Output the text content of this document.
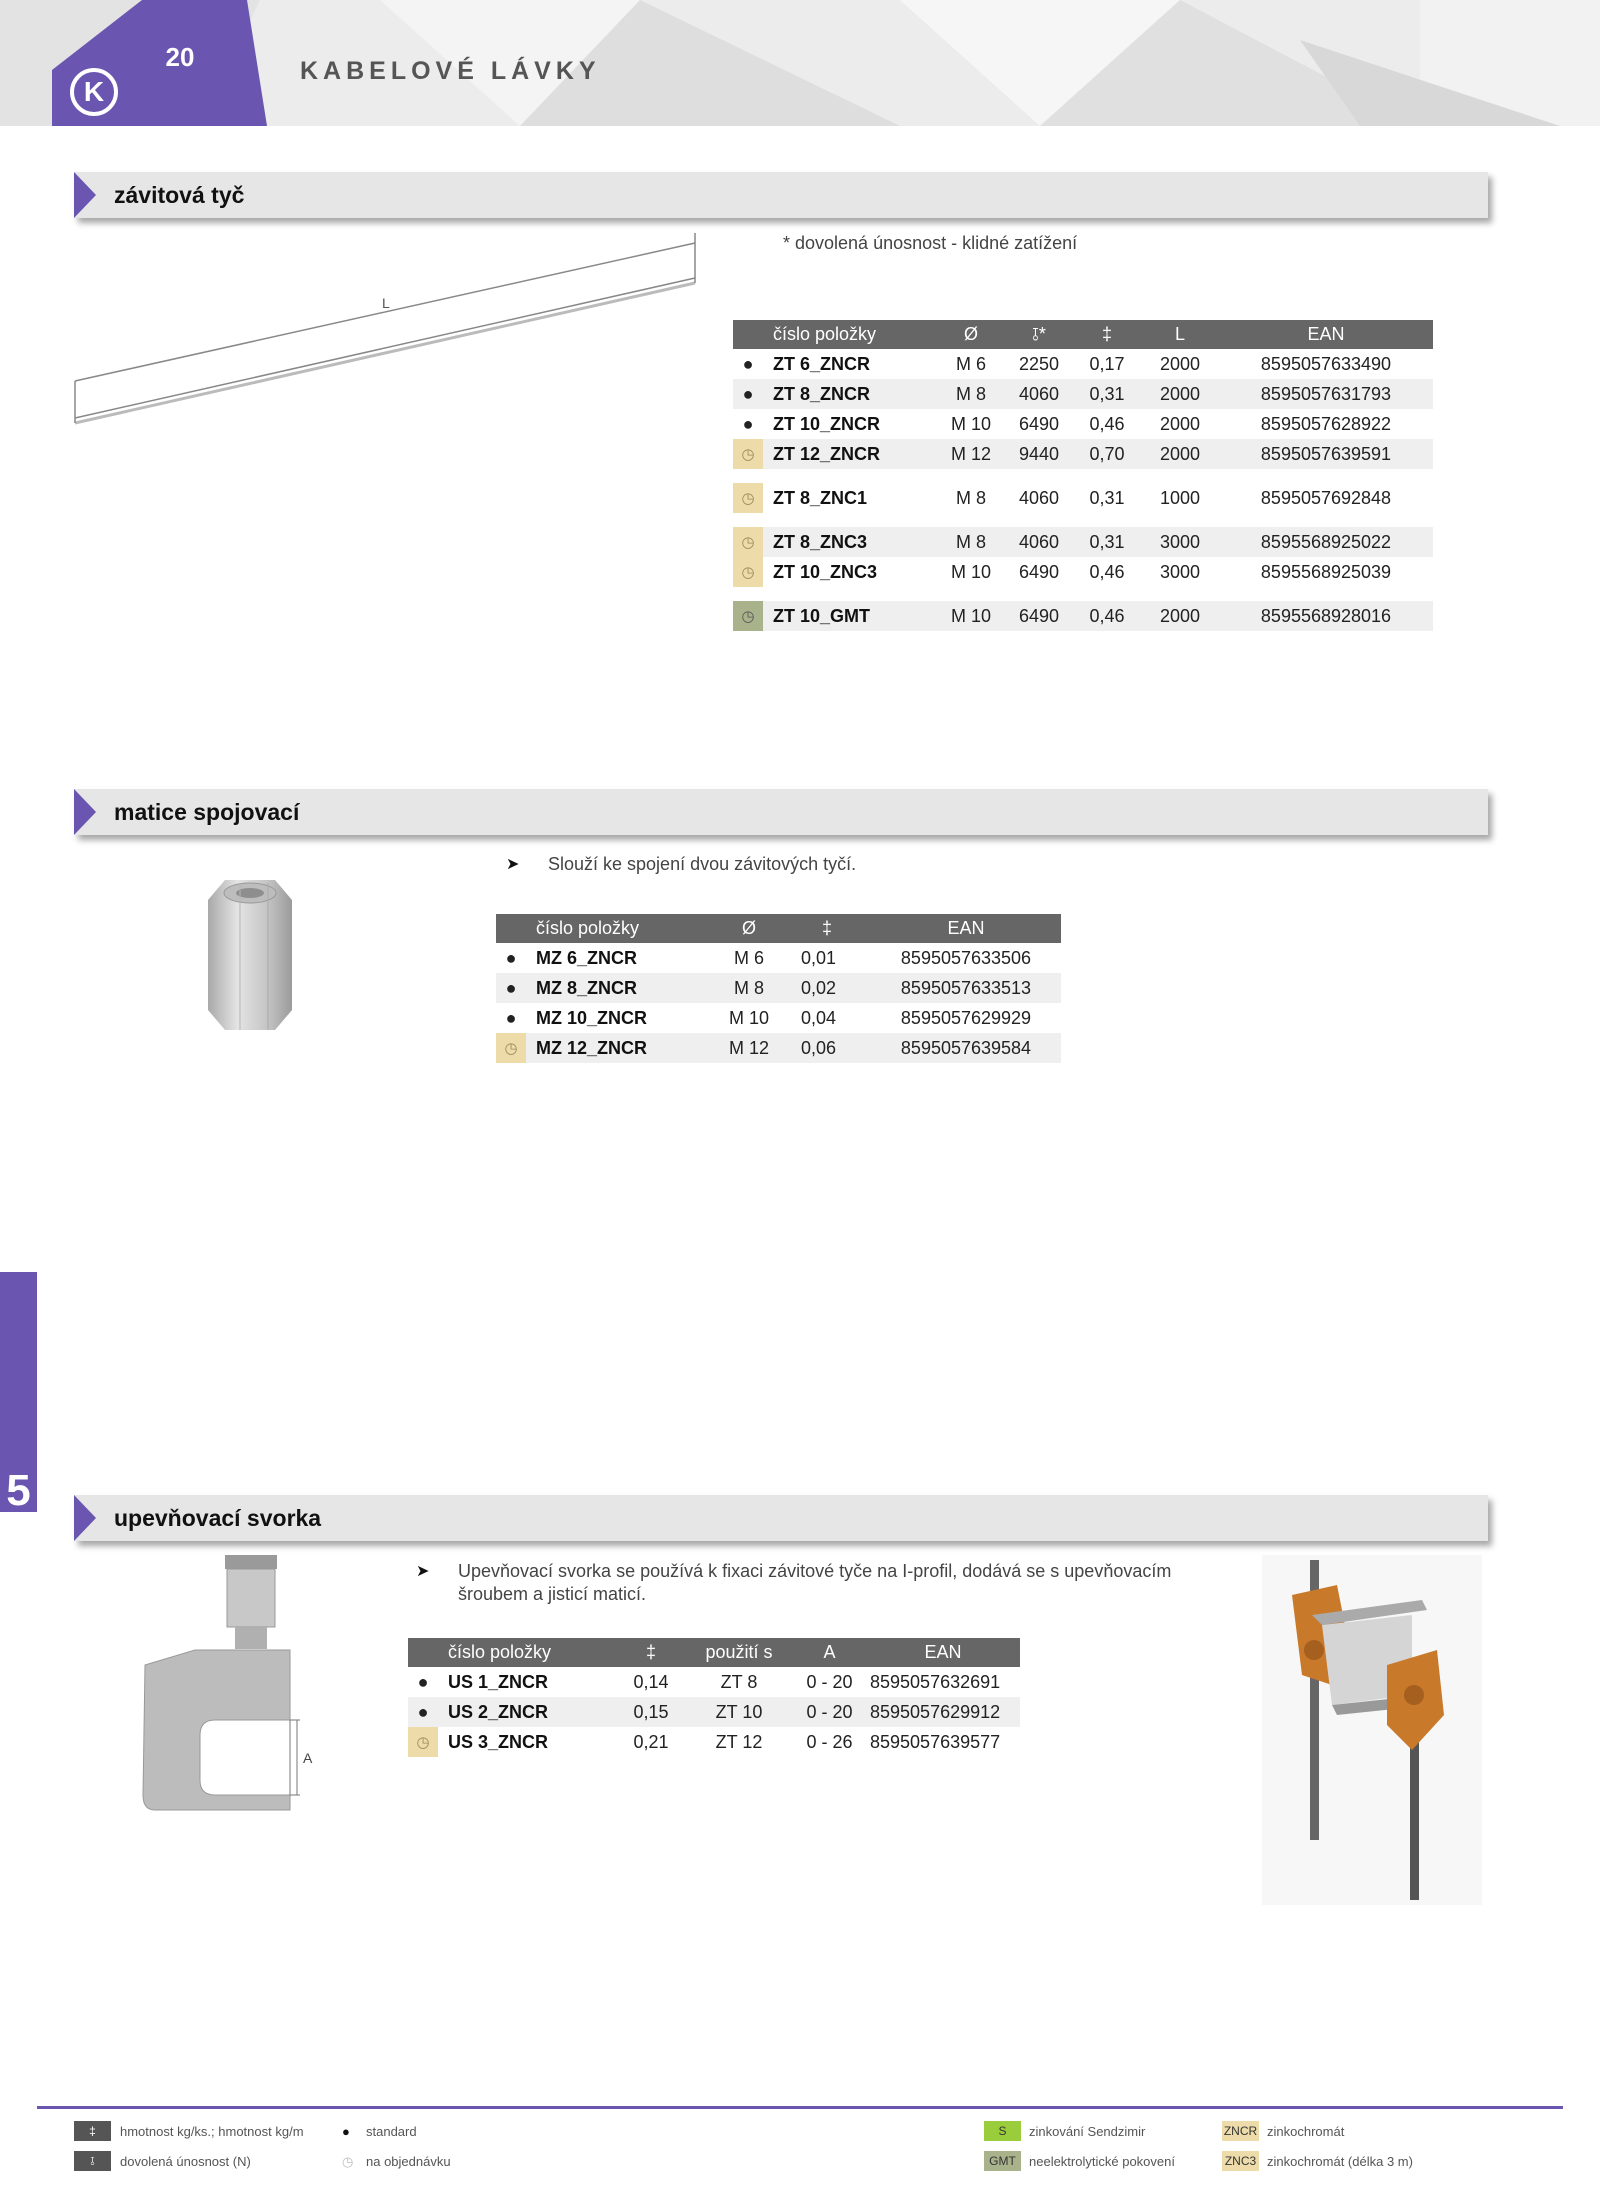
20
K
KABELOVÉ LÁVKY
závitová tyč
L
* dovolená únosnost - klidné zatížení
	číslo položky	Ø	⫱*	‡	L	EAN
●	ZT 6_ZNCR	M 6	2250	0,17	2000	8595057633490
●	ZT 8_ZNCR	M 8	4060	0,31	2000	8595057631793
●	ZT 10_ZNCR	M 10	6490	0,46	2000	8595057628922
◷	ZT 12_ZNCR	M 12	9440	0,70	2000	8595057639591

◷	ZT 8_ZNC1	M 8	4060	0,31	1000	8595057692848

◷	ZT 8_ZNC3	M 8	4060	0,31	3000	8595568925022
◷	ZT 10_ZNC3	M 10	6490	0,46	3000	8595568925039

◷	ZT 10_GMT	M 10	6490	0,46	2000	8595568928016
matice spojovací
➤ Slouží ke spojení dvou závitových tyčí.
	číslo položky	Ø	‡	EAN
●	MZ 6_ZNCR	M 6	0,01	8595057633506
●	MZ 8_ZNCR	M 8	0,02	8595057633513
●	MZ 10_ZNCR	M 10	0,04	8595057629929
◷	MZ 12_ZNCR	M 12	0,06	8595057639584
5
upevňovací svorka
A
➤ Upevňovací svorka se používá k fixaci závitové tyče na I-profil, dodává se s upevňovacím
šroubem a jisticí maticí.
	číslo položky	‡	použití s	A	EAN
●	US 1_ZNCR	0,14	ZT 8	0 - 20	8595057632691
●	US 2_ZNCR	0,15	ZT 10	0 - 20	8595057629912
◷	US 3_ZNCR	0,21	ZT 12	0 - 26	8595057639577
‡	hmotnost kg/ks.; hmotnost kg/m
⫱	dovolená únosnost (N)
● standard
◷ na objednávku
S	zinkování Sendzimir
GMT	neelektrolytické pokovení
ZNCR zinkochromát
ZNC3 zinkochromát (délka 3 m)
